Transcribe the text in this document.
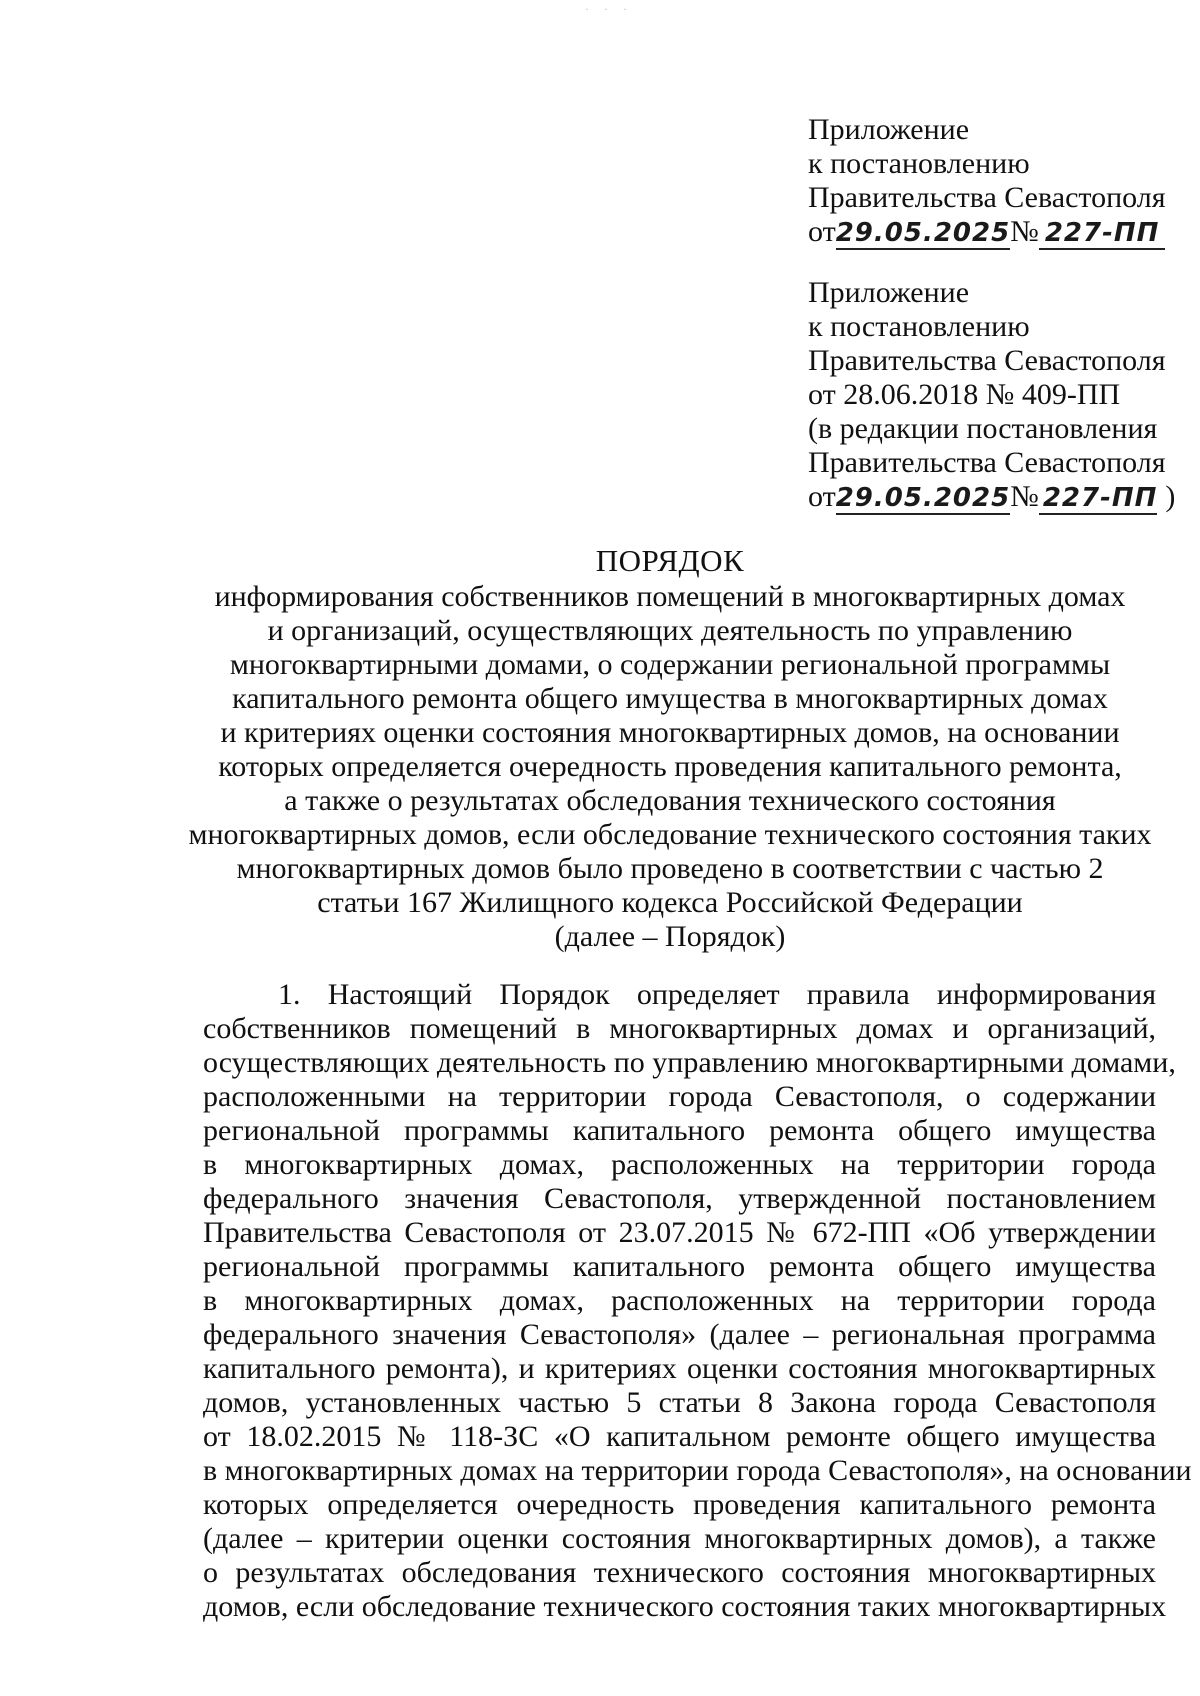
· · ·
Приложение
к постановлению
Правительства Севастополя
от29.05.2025№ 227-ПП
Приложение
к постановлению
Правительства Севастополя
от 28.06.2018 № 409-ПП
(в редакции постановления
Правительства Севастополя
от29.05.2025№ 227-ПП )
ПОРЯДОК
информирования собственников помещений в многоквартирных домах
и организаций, осуществляющих деятельность по управлению
многоквартирными домами, о содержании региональной программы
капитального ремонта общего имущества в многоквартирных домах
и критериях оценки состояния многоквартирных домов, на основании
которых определяется очередность проведения капитального ремонта,
а также о результатах обследования технического состояния
многоквартирных домов, если обследование технического состояния таких
многоквартирных домов было проведено в соответствии с частью 2
статьи 167 Жилищного кодекса Российской Федерации
(далее – Порядок)
1. Настоящий Порядок определяет правила информирования
собственников помещений в многоквартирных домах и организаций,
осуществляющих деятельность по управлению многоквартирными домами,
расположенными на территории города Севастополя, о содержании
региональной программы капитального ремонта общего имущества
в многоквартирных домах, расположенных на территории города
федерального значения Севастополя, утвержденной постановлением
Правительства Севастополя от 23.07.2015 № 672-ПП «Об утверждении
региональной программы капитального ремонта общего имущества
в многоквартирных домах, расположенных на территории города
федерального значения Севастополя» (далее – региональная программа
капитального ремонта), и критериях оценки состояния многоквартирных
домов, установленных частью 5 статьи 8 Закона города Севастополя
от 18.02.2015 № 118-ЗС «О капитальном ремонте общего имущества
в многоквартирных домах на территории города Севастополя», на основании
которых определяется очередность проведения капитального ремонта
(далее – критерии оценки состояния многоквартирных домов), а также
о результатах обследования технического состояния многоквартирных
домов, если обследование технического состояния таких многоквартирных
